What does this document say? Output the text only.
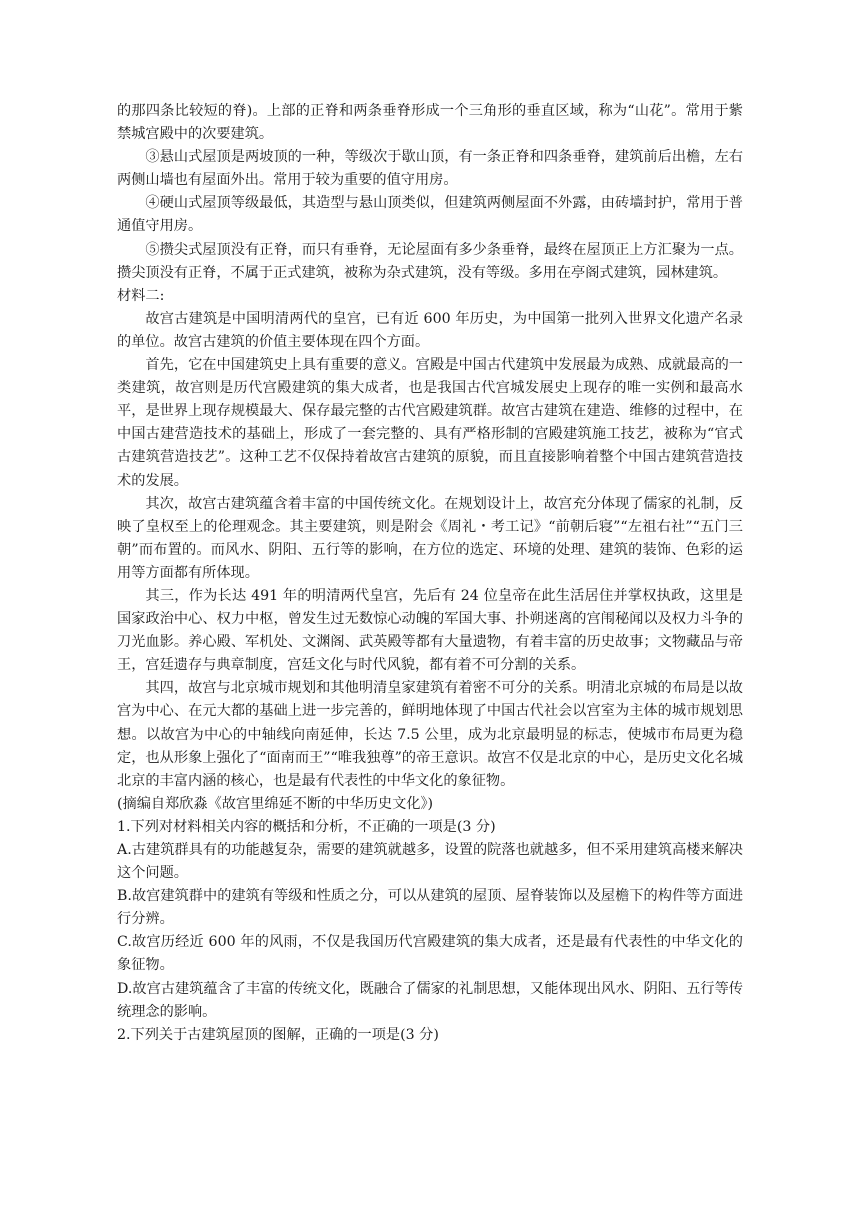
的那四条比较短的脊)。上部的正脊和两条垂脊形成一个三角形的垂直区域，称为“山花”。常用于紫禁城宫殿中的次要建筑。

③悬山式屋顶是两坡顶的一种，等级次于歇山顶，有一条正脊和四条垂脊，建筑前后出檐，左右两侧山墙也有屋面外出。常用于较为重要的值守用房。

④硬山式屋顶等级最低，其造型与悬山顶类似，但建筑两侧屋面不外露，由砖墙封护，常用于普通值守用房。

⑤攒尖式屋顶没有正脊，而只有垂脊，无论屋面有多少条垂脊，最终在屋顶正上方汇聚为一点。攒尖顶没有正脊，不属于正式建筑，被称为杂式建筑，没有等级。多用在亭阁式建筑，园林建筑。

材料二:

故宫古建筑是中国明清两代的皇宫，已有近 600 年历史，为中国第一批列入世界文化遗产名录的单位。故宫古建筑的价值主要体现在四个方面。

首先，它在中国建筑史上具有重要的意义。宫殿是中国古代建筑中发展最为成熟、成就最高的一类建筑，故宫则是历代宫殿建筑的集大成者，也是我国古代宫城发展史上现存的唯一实例和最高水平，是世界上现存规模最大、保存最完整的古代宫殿建筑群。故宫古建筑在建造、维修的过程中，在中国古建营造技术的基础上，形成了一套完整的、具有严格形制的宫殿建筑施工技艺，被称为“官式古建筑营造技艺”。这种工艺不仅保持着故宫古建筑的原貌，而且直接影响着整个中国古建筑营造技术的发展。

其次，故宫古建筑蕴含着丰富的中国传统文化。在规划设计上，故宫充分体现了儒家的礼制，反映了皇权至上的伦理观念。其主要建筑，则是附会《周礼・考工记》“前朝后寝”“左祖右社”“五门三朝”而布置的。而风水、阴阳、五行等的影响，在方位的选定、环境的处理、建筑的装饰、色彩的运用等方面都有所体现。

其三，作为长达 491 年的明清两代皇宫，先后有 24 位皇帝在此生活居住并掌权执政，这里是国家政治中心、权力中枢，曾发生过无数惊心动魄的军国大事、扑朔迷离的宫闱秘闻以及权力斗争的刀光血影。养心殿、军机处、文渊阁、武英殿等都有大量遗物，有着丰富的历史故事；文物藏品与帝王，宫廷遗存与典章制度，宫廷文化与时代风貌，都有着不可分割的关系。

其四，故宫与北京城市规划和其他明清皇家建筑有着密不可分的关系。明清北京城的布局是以故宫为中心、在元大都的基础上进一步完善的，鲜明地体现了中国古代社会以宫室为主体的城市规划思想。以故宫为中心的中轴线向南延伸，长达 7.5 公里，成为北京最明显的标志，使城市布局更为稳定，也从形象上强化了“面南而王”“唯我独尊”的帝王意识。故宫不仅是北京的中心，是历史文化名城北京的丰富内涵的核心，也是最有代表性的中华文化的象征物。

(摘编自郑欣淼《故宫里绵延不断的中华历史文化》)

1.下列对材料相关内容的概括和分析，不正确的一项是(3 分)

A.古建筑群具有的功能越复杂，需要的建筑就越多，设置的院落也就越多，但不采用建筑高楼来解决这个问题。

B.故宫建筑群中的建筑有等级和性质之分，可以从建筑的屋顶、屋脊装饰以及屋檐下的构件等方面进行分辨。

C.故宫历经近 600 年的风雨，不仅是我国历代宫殿建筑的集大成者，还是最有代表性的中华文化的象征物。

D.故宫古建筑蕴含了丰富的传统文化，既融合了儒家的礼制思想，又能体现出风水、阴阳、五行等传统理念的影响。

2.下列关于古建筑屋顶的图解，正确的一项是(3 分)
